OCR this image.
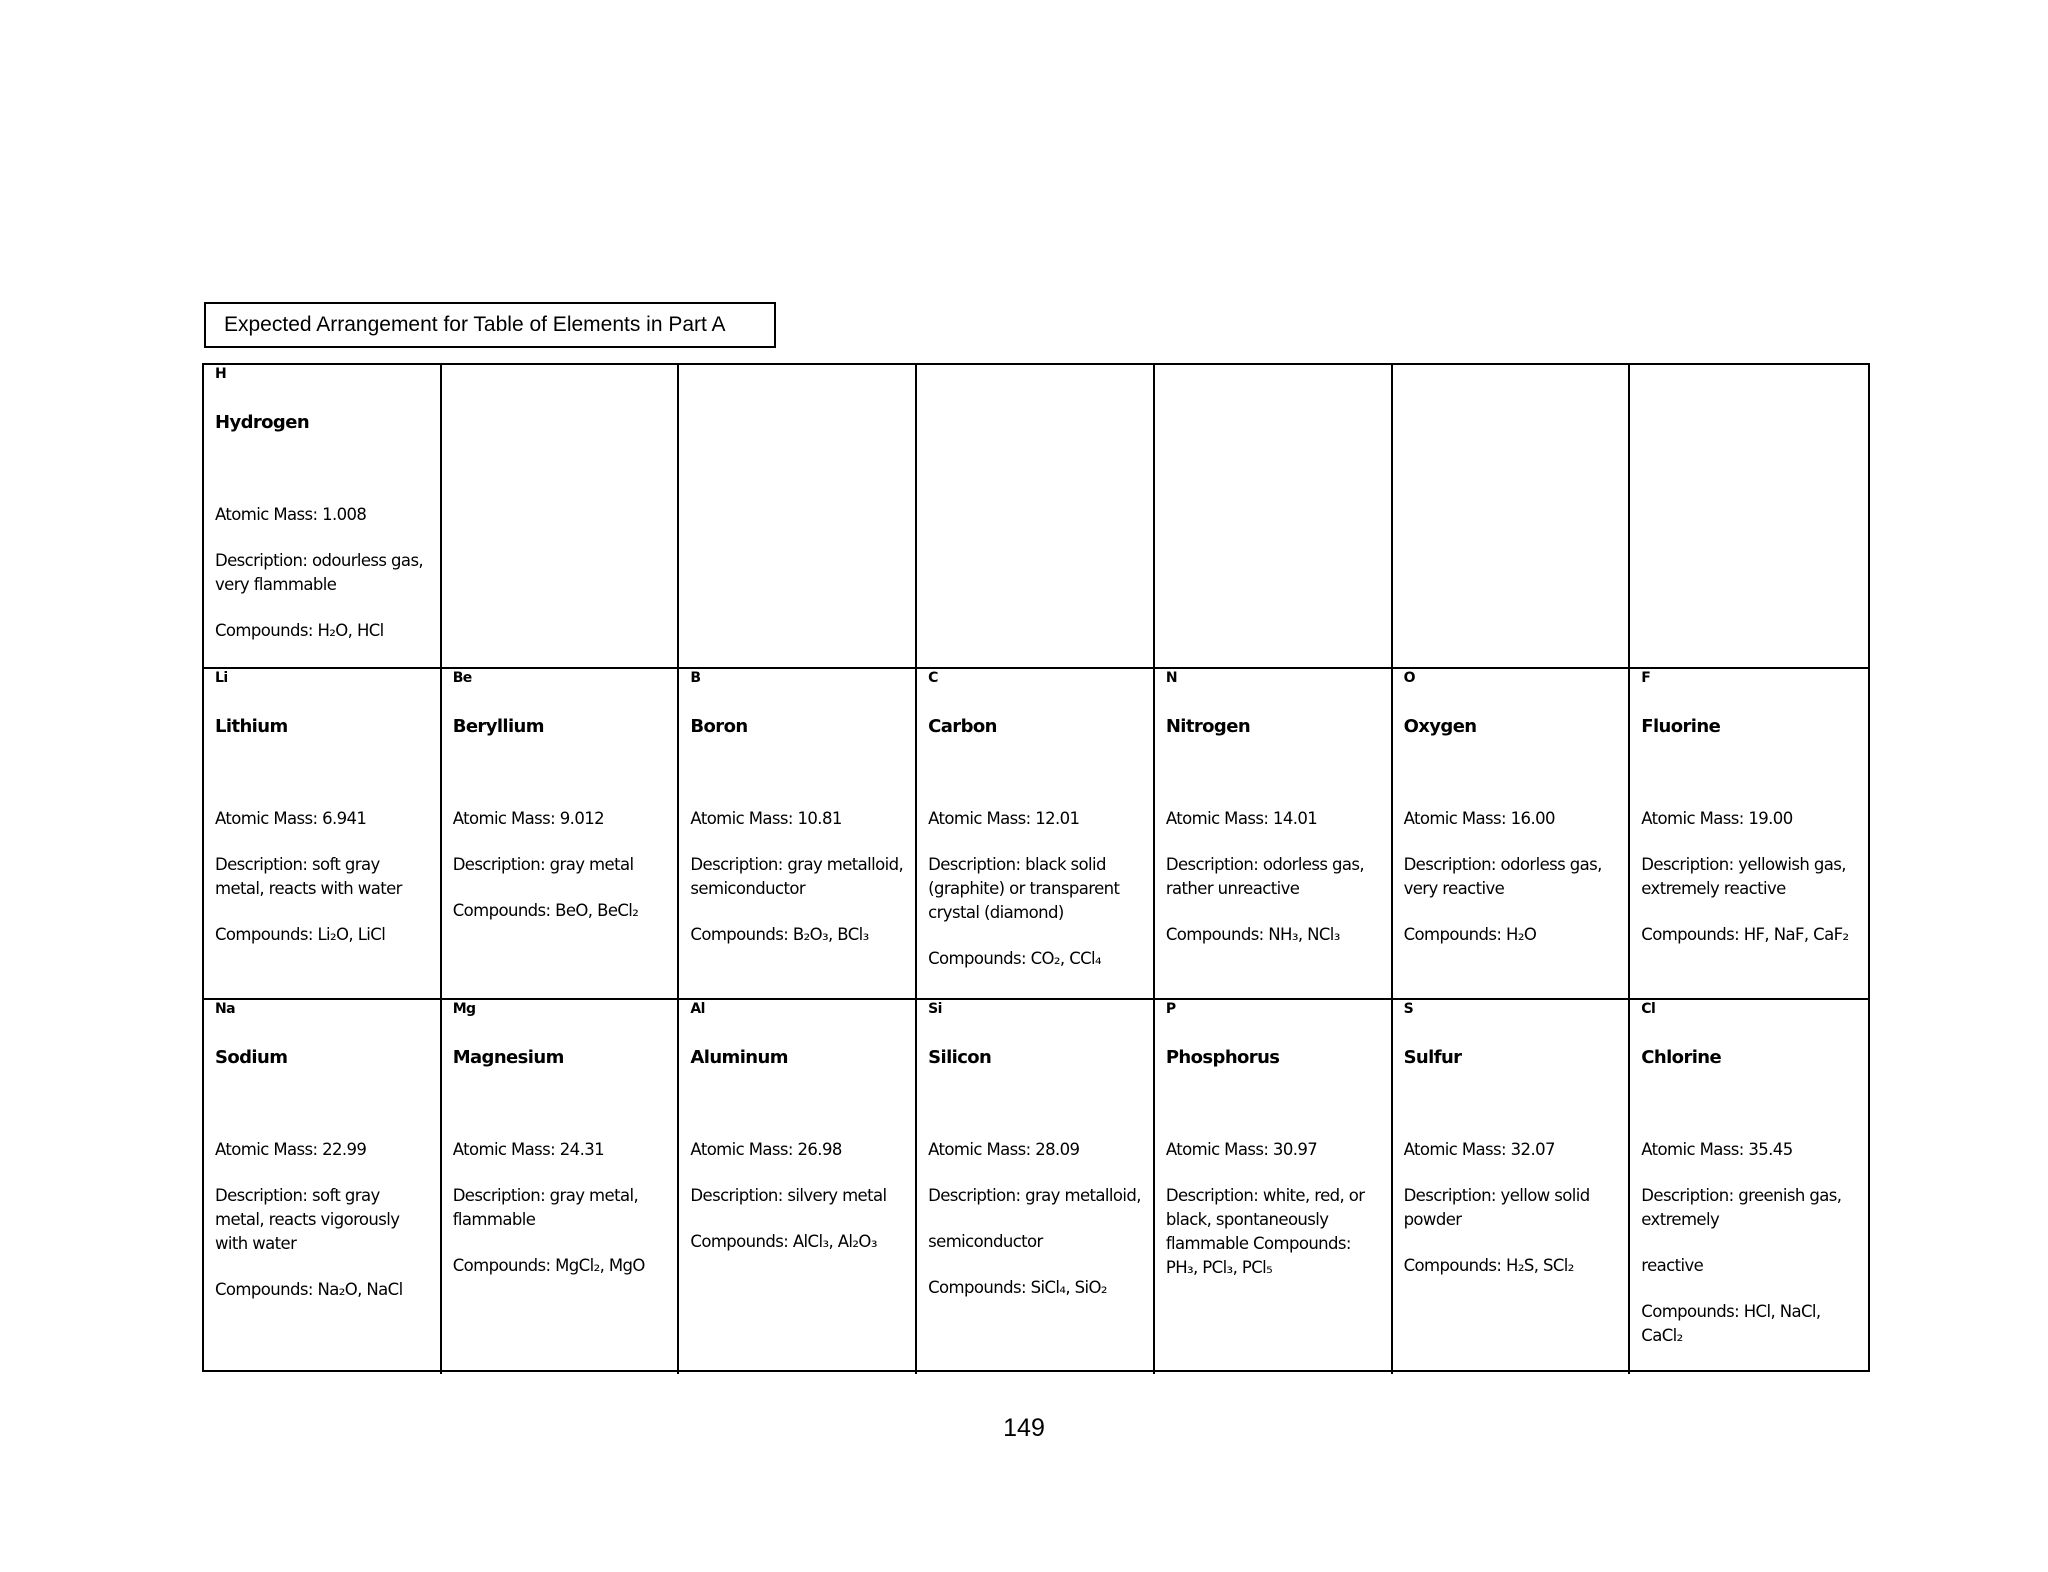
Expected Arrangement for Table of Elements in Part A
H
Hydrogen
Atomic Mass: 1.008
Description: odourless gas, very flammable
Compounds: H₂O, HCl
Li
Lithium
Atomic Mass: 6.941
Description: soft gray metal, reacts with water
Compounds: Li₂O, LiCl
Be
Beryllium
Atomic Mass: 9.012
Description: gray metal
Compounds: BeO, BeCl₂
B
Boron
Atomic Mass: 10.81
Description: gray metalloid, semiconductor
Compounds: B₂O₃, BCl₃
C
Carbon
Atomic Mass: 12.01
Description: black solid (graphite) or transparent crystal (diamond)
Compounds: CO₂, CCl₄
N
Nitrogen
Atomic Mass: 14.01
Description: odorless gas, rather unreactive
Compounds: NH₃, NCl₃
O
Oxygen
Atomic Mass: 16.00
Description: odorless gas, very reactive
Compounds: H₂O
F
Fluorine
Atomic Mass: 19.00
Description: yellowish gas, extremely reactive
Compounds: HF, NaF, CaF₂
Na
Sodium
Atomic Mass: 22.99
Description: soft gray metal, reacts vigorously with water
Compounds: Na₂O, NaCl
Mg
Magnesium
Atomic Mass: 24.31
Description: gray metal, flammable
Compounds: MgCl₂, MgO
Al
Aluminum
Atomic Mass: 26.98
Description: silvery metal
Compounds: AlCl₃, Al₂O₃
Si
Silicon
Atomic Mass: 28.09
Description: gray metalloid,
semiconductor
Compounds: SiCl₄, SiO₂
P
Phosphorus
Atomic Mass: 30.97
Description: white, red, or black, spontaneously flammable Compounds: PH₃, PCl₃, PCl₅
S
Sulfur
Atomic Mass: 32.07
Description: yellow solid powder
Compounds: H₂S, SCl₂
Cl
Chlorine
Atomic Mass: 35.45
Description: greenish gas, extremely
reactive
Compounds: HCl, NaCl, CaCl₂
149
